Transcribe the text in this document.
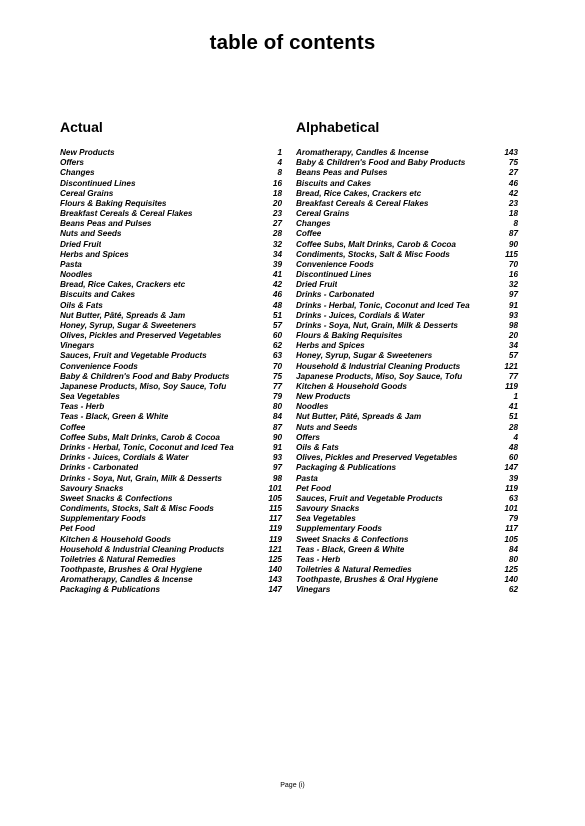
table of contents
Actual
New Products	1
Offers	4
Changes	8
Discontinued Lines	16
Cereal Grains	18
Flours & Baking Requisites	20
Breakfast Cereals & Cereal Flakes	23
Beans Peas and Pulses	27
Nuts and Seeds	28
Dried Fruit	32
Herbs and Spices	34
Pasta	39
Noodles	41
Bread, Rice Cakes, Crackers etc	42
Biscuits and Cakes	46
Oils & Fats	48
Nut Butter, Pâté, Spreads & Jam	51
Honey, Syrup, Sugar & Sweeteners	57
Olives, Pickles and Preserved Vegetables	60
Vinegars	62
Sauces, Fruit and Vegetable Products	63
Convenience Foods	70
Baby & Children's Food and Baby Products	75
Japanese Products, Miso, Soy Sauce, Tofu	77
Sea Vegetables	79
Teas - Herb	80
Teas - Black, Green & White	84
Coffee	87
Coffee Subs, Malt Drinks, Carob & Cocoa	90
Drinks - Herbal, Tonic, Coconut and Iced Tea	91
Drinks - Juices, Cordials & Water	93
Drinks - Carbonated	97
Drinks - Soya, Nut, Grain, Milk & Desserts	98
Savoury Snacks	101
Sweet Snacks & Confections	105
Condiments, Stocks, Salt & Misc Foods	115
Supplementary Foods	117
Pet Food	119
Kitchen & Household Goods	119
Household & Industrial Cleaning Products	121
Toiletries & Natural Remedies	125
Toothpaste, Brushes & Oral Hygiene	140
Aromatherapy, Candles & Incense	143
Packaging & Publications	147
Alphabetical
Aromatherapy, Candles & Incense	143
Baby & Children's Food and Baby Products	75
Beans Peas and Pulses	27
Biscuits and Cakes	46
Bread, Rice Cakes, Crackers etc	42
Breakfast Cereals & Cereal Flakes	23
Cereal Grains	18
Changes	8
Coffee	87
Coffee Subs, Malt Drinks, Carob & Cocoa	90
Condiments, Stocks, Salt & Misc Foods	115
Convenience Foods	70
Discontinued Lines	16
Dried Fruit	32
Drinks - Carbonated	97
Drinks - Herbal, Tonic, Coconut and Iced Tea	91
Drinks - Juices, Cordials & Water	93
Drinks - Soya, Nut, Grain, Milk & Desserts	98
Flours & Baking Requisites	20
Herbs and Spices	34
Honey, Syrup, Sugar & Sweeteners	57
Household & Industrial Cleaning Products	121
Japanese Products, Miso, Soy Sauce, Tofu	77
Kitchen & Household Goods	119
New Products	1
Noodles	41
Nut Butter, Pâté, Spreads & Jam	51
Nuts and Seeds	28
Offers	4
Oils & Fats	48
Olives, Pickles and Preserved Vegetables	60
Packaging & Publications	147
Pasta	39
Pet Food	119
Sauces, Fruit and Vegetable Products	63
Savoury Snacks	101
Sea Vegetables	79
Supplementary Foods	117
Sweet Snacks & Confections	105
Teas - Black, Green & White	84
Teas - Herb	80
Toiletries & Natural Remedies	125
Toothpaste, Brushes & Oral Hygiene	140
Vinegars	62
Page (i)
